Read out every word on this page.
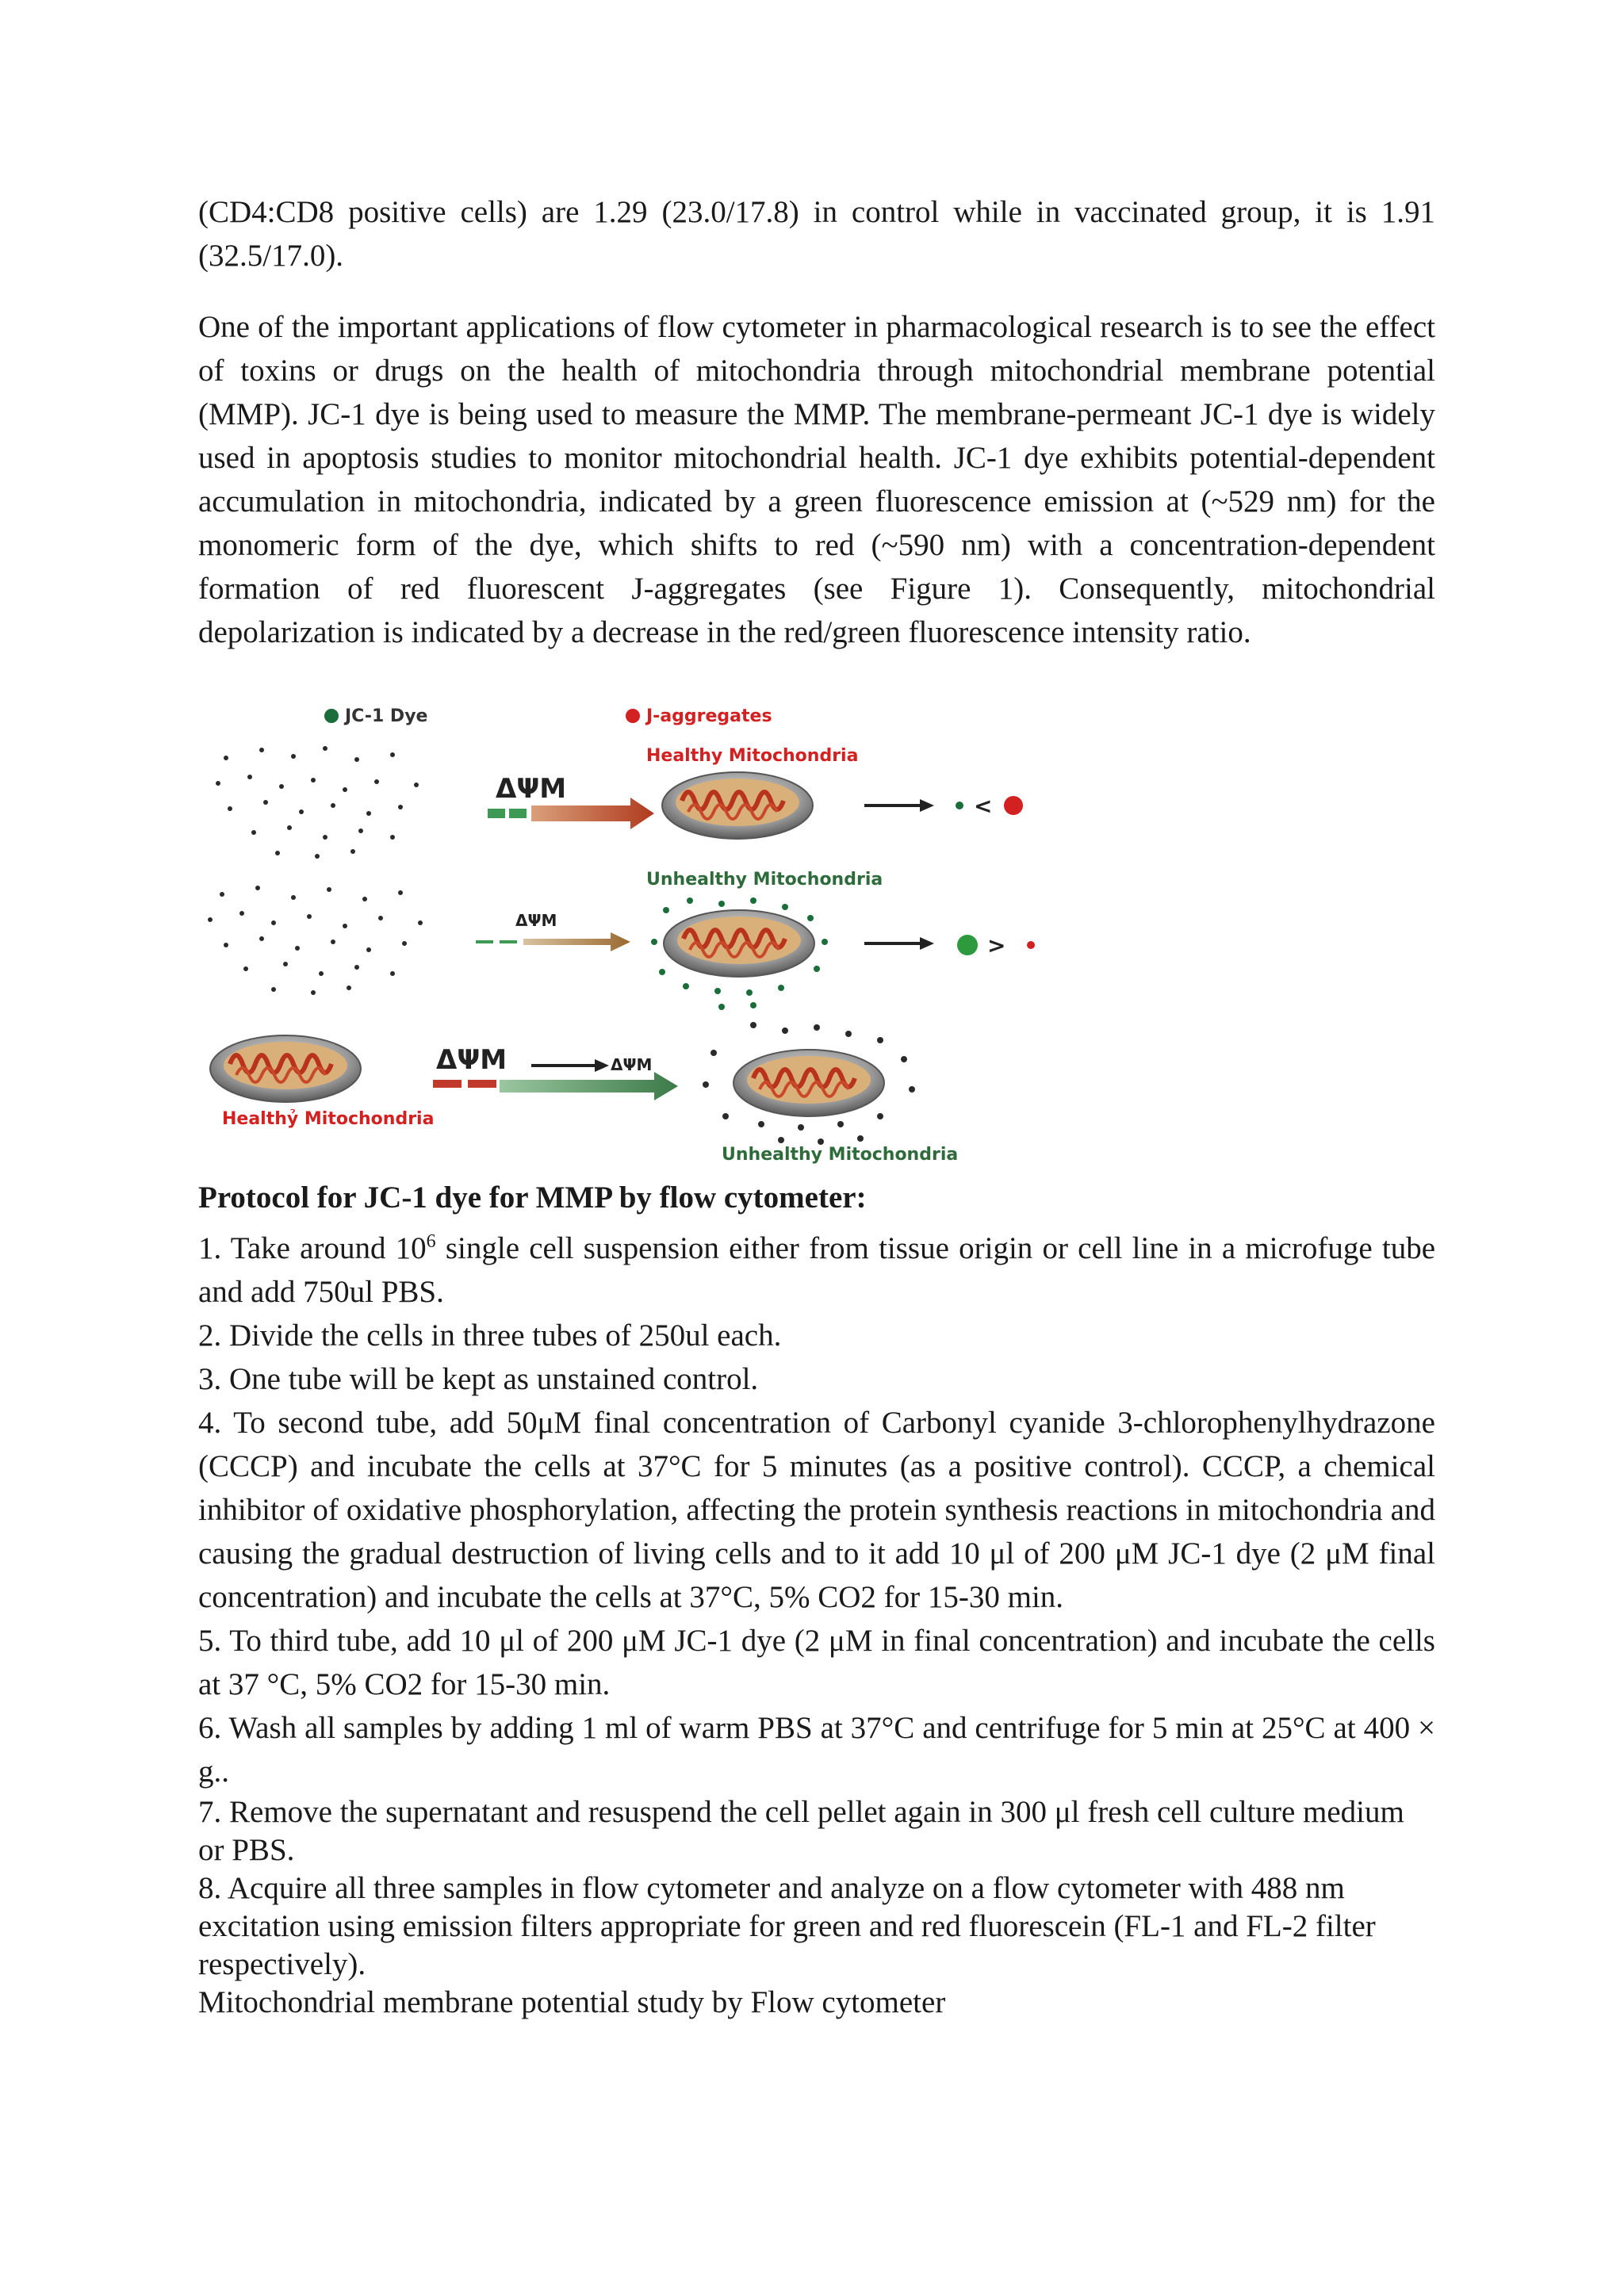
(CD4:CD8 positive cells) are 1.29 (23.0/17.8) in control while in vaccinated group, it is 1.91 (32.5/17.0).

One of the important applications of flow cytometer in pharmacological research is to see the effect of toxins or drugs on the health of mitochondria through mitochondrial membrane potential (MMP). JC-1 dye is being used to measure the MMP. The membrane-permeant JC-1 dye is widely used in apoptosis studies to monitor mitochondrial health. JC-1 dye exhibits potential-dependent accumulation in mitochondria, indicated by a green fluorescence emission at (~529 nm) for the monomeric form of the dye, which shifts to red (~590 nm) with a concentration-dependent formation of red fluorescent J-aggregates (see Figure 1). Consequently, mitochondrial depolarization is indicated by a decrease in the red/green fluorescence intensity ratio.

JC-1 Dye	J-aggregates
ΔΨM
Healthy Mitochondria
<
ΔΨM
Unhealthy Mitochondria
>
Healthỷ Mitochondria
ΔΨM	ΔΨM
Unhealthy Mitochondria

Protocol for JC-1 dye for MMP by flow cytometer:

1. Take around $10^6$ single cell suspension either from tissue origin or cell line in a microfuge tube and add 750ul PBS.

2. Divide the cells in three tubes of 250ul each.

3. One tube will be kept as unstained control.

4. To second tube, add 50μM final concentration of Carbonyl cyanide 3-chlorophenylhydrazone (CCCP) and incubate the cells at 37°C for 5 minutes (as a positive control). CCCP, a chemical inhibitor of oxidative phosphorylation, affecting the protein synthesis reactions in mitochondria and causing the gradual destruction of living cells and to it add 10 μl of 200 μM JC-1 dye (2 μM final concentration) and incubate the cells at 37°C, 5% CO2 for 15-30 min.

5. To third tube, add 10 μl of 200 μM JC-1 dye (2 μM in final concentration) and incubate the cells at 37 °C, 5% CO2 for 15-30 min.

6. Wash all samples by adding 1 ml of warm PBS at 37°C and centrifuge for 5 min at 25°C at 400 × g..

7. Remove the supernatant and resuspend the cell pellet again in 300 μl fresh cell culture medium or PBS.

8. Acquire all three samples in flow cytometer and analyze on a flow cytometer with 488 nm excitation using emission filters appropriate for green and red fluorescein (FL-1 and FL-2 filter respectively).

Mitochondrial membrane potential study by Flow cytometer
